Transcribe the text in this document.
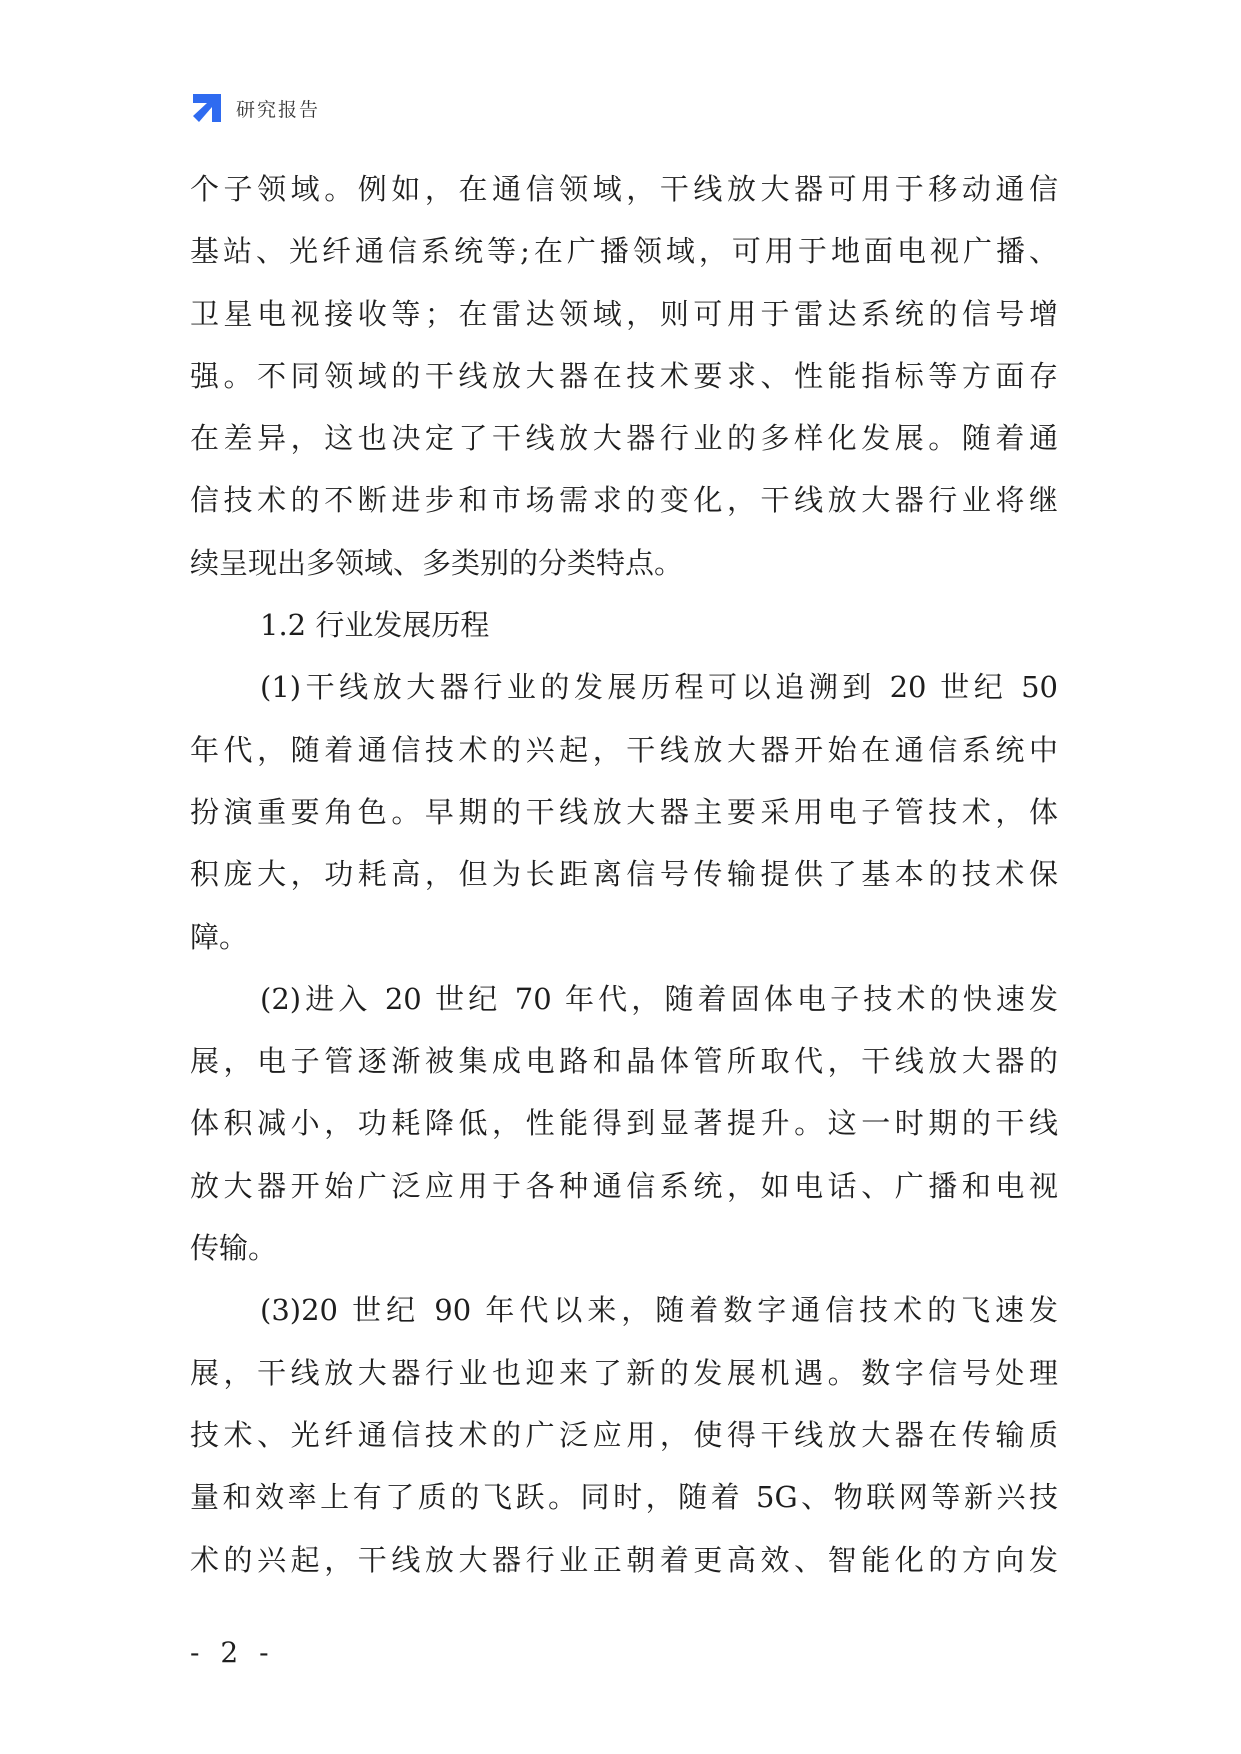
研究报告
个子领域。例如，在通信领域，干线放大器可用于移动通信
基站、光纤通信系统等;在广播领域，可用于地面电视广播、
卫星电视接收等；在雷达领域，则可用于雷达系统的信号增
强。不同领域的干线放大器在技术要求、性能指标等方面存
在差异，这也决定了干线放大器行业的多样化发展。随着通
信技术的不断进步和市场需求的变化，干线放大器行业将继
续呈现出多领域、多类别的分类特点。
1.2 行业发展历程
(1)干线放大器行业的发展历程可以追溯到 20 世纪 50
年代，随着通信技术的兴起，干线放大器开始在通信系统中
扮演重要角色。早期的干线放大器主要采用电子管技术，体
积庞大，功耗高，但为长距离信号传输提供了基本的技术保
障。
(2)进入 20 世纪 70 年代，随着固体电子技术的快速发
展，电子管逐渐被集成电路和晶体管所取代，干线放大器的
体积减小，功耗降低，性能得到显著提升。这一时期的干线
放大器开始广泛应用于各种通信系统，如电话、广播和电视
传输。
(3)20 世纪 90 年代以来，随着数字通信技术的飞速发
展，干线放大器行业也迎来了新的发展机遇。数字信号处理
技术、光纤通信技术的广泛应用，使得干线放大器在传输质
量和效率上有了质的飞跃。同时，随着 5G、物联网等新兴技
术的兴起，干线放大器行业正朝着更高效、智能化的方向发
- 2 -
